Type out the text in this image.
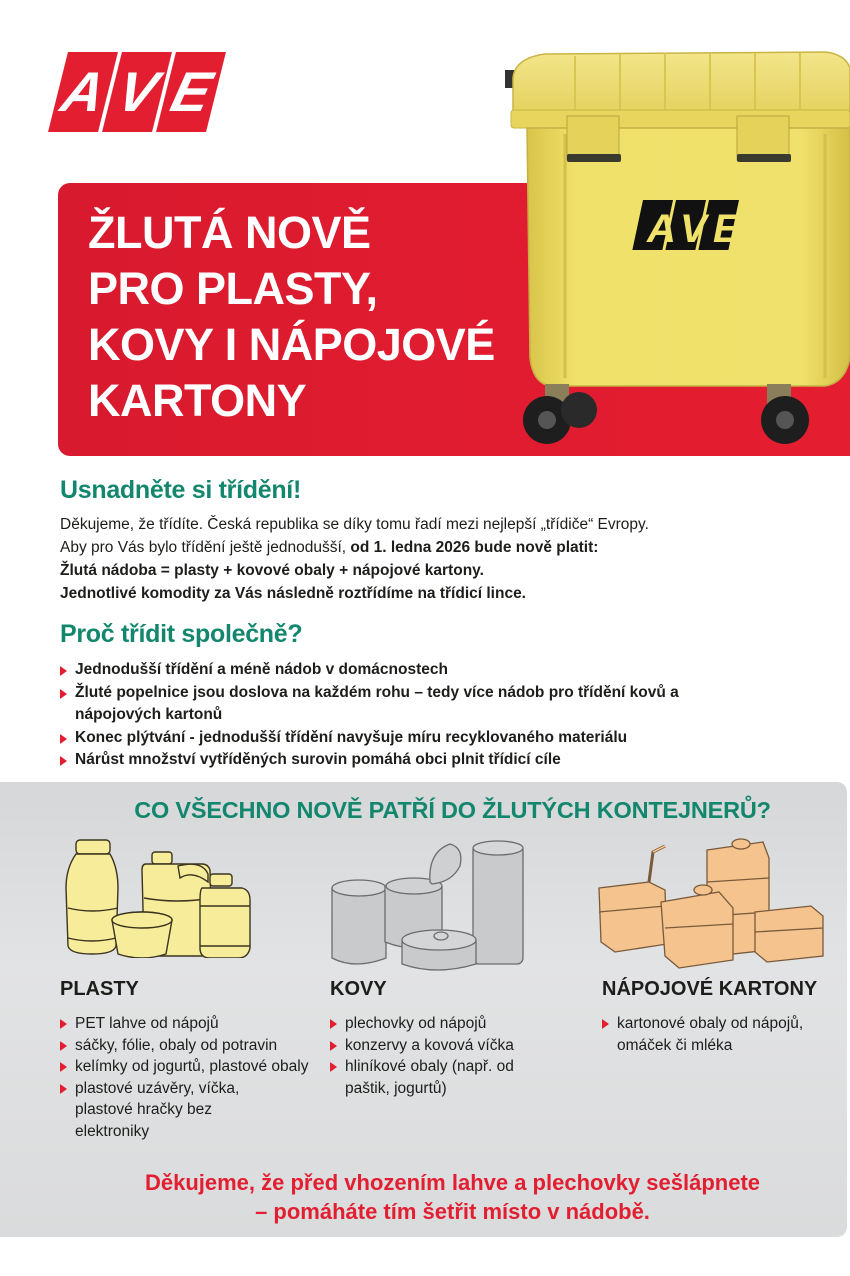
A V E
ŽLUTÁ NOVĚ
PRO PLASTY,
KOVY I NÁPOJOVÉ
KARTONY
A V E
Usnadněte si třídění!

Děkujeme, že třídíte. Česká republika se díky tomu řadí mezi nejlepší „třídiče“ Evropy.

Aby pro Vás bylo třídění ještě jednodušší, od 1. ledna 2026 bude nově platit:

Žlutá nádoba = plasty + kovové obaly + nápojové kartony.

Jednotlivé komodity za Vás následně roztřídíme na třídicí lince.

Proč třídit společně?
Jednodušší třídění a méně nádob v domácnostech
Žluté popelnice jsou doslova na každém rohu – tedy více nádob pro třídění kovů a nápojových kartonů
Konec plýtvání - jednodušší třídění navyšuje míru recyklovaného materiálu
Nárůst množství vytříděných surovin pomáhá obci plnit třídicí cíle
CO VŠECHNO NOVĚ PATŘÍ DO ŽLUTÝCH KONTEJNERŮ?
PLASTY
PET lahve od nápojů
sáčky, fólie, obaly od potravin
kelímky od jogurtů, plastové obaly
plastové uzávěry, víčka, plastové hračky bez elektroniky
KOVY
plechovky od nápojů
konzervy a kovová víčka
hliníkové obaly (např. od paštik, jogurtů)
NÁPOJOVÉ KARTONY
kartonové obaly od nápojů, omáček či mléka
Děkujeme, že před vhozením lahve a plechovky sešlápnete
– pomáháte tím šetřit místo v nádobě.
